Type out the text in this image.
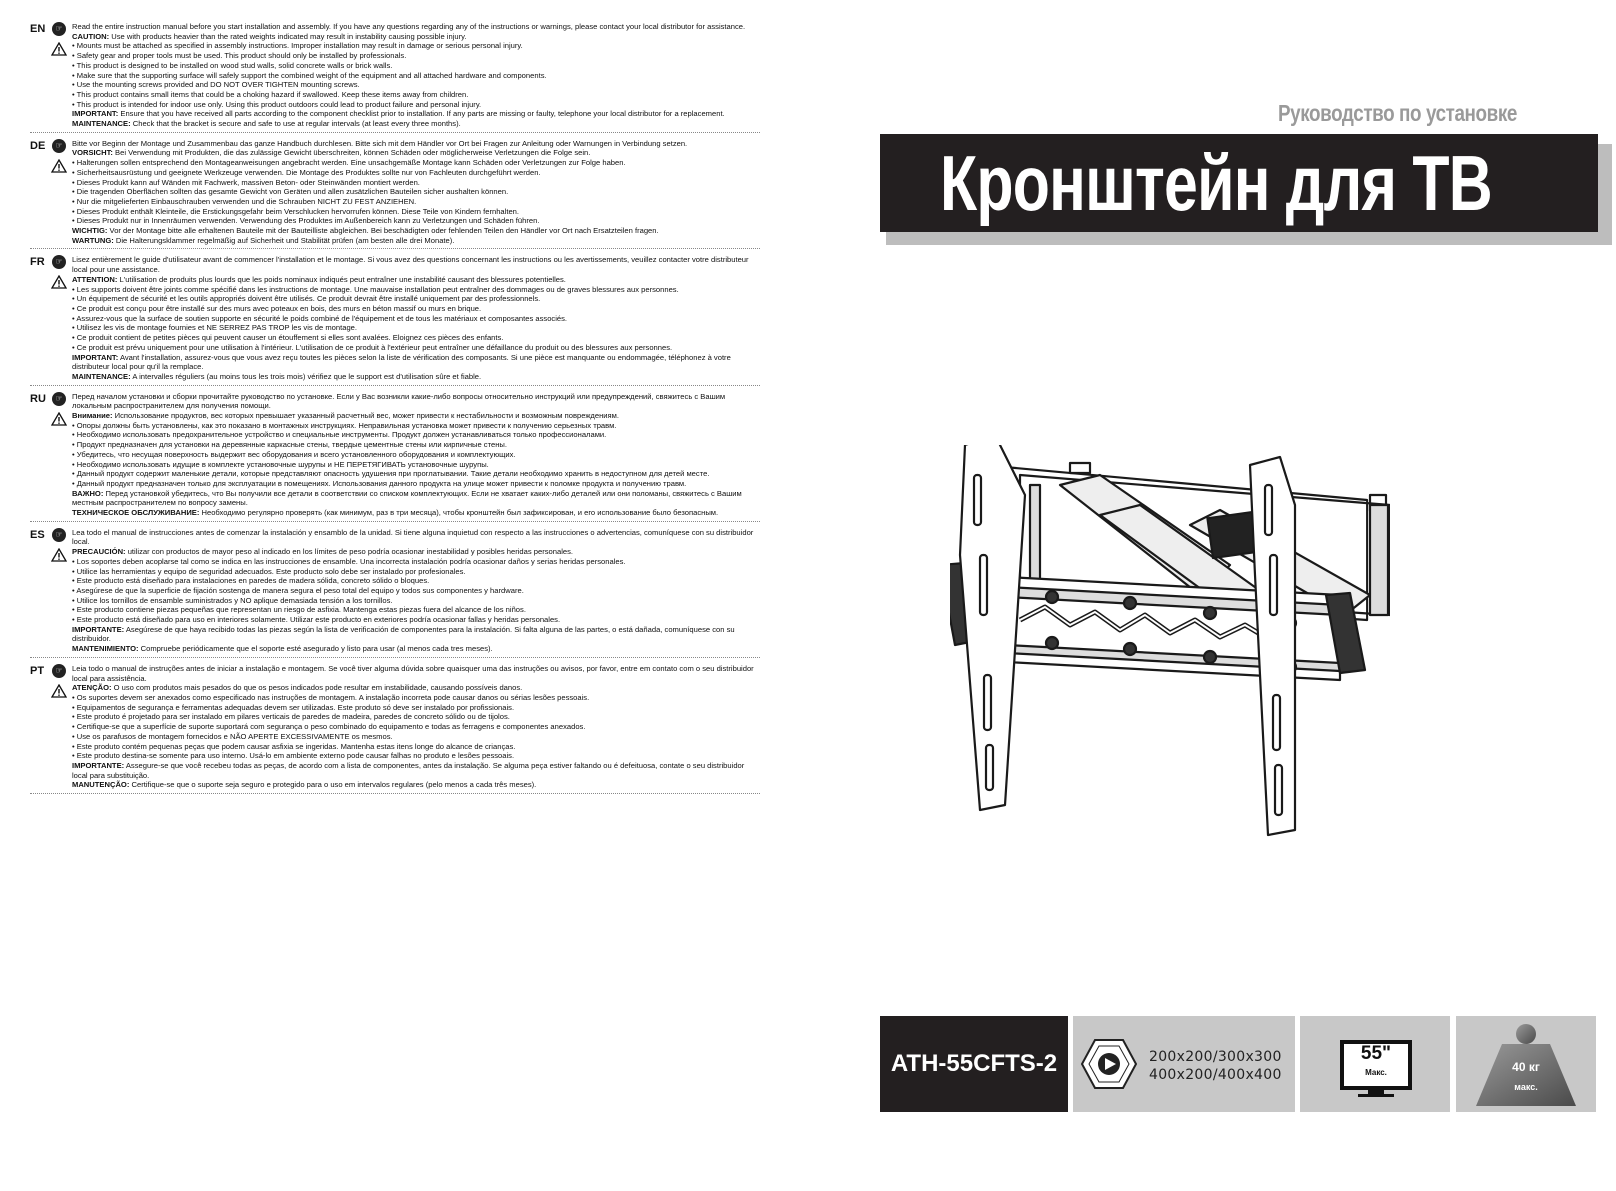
EN	☞	Read the entire instruction manual before you start installation and assembly. If you have any questions regarding any of the instructions or warnings, please contact your local distributor for assistance.

CAUTION: Use with products heavier than the rated weights indicated may result in instability causing possible injury.

• Mounts must be attached as specified in assembly instructions. Improper installation may result in damage or serious personal injury.

• Safety gear and proper tools must be used. This product should only be installed by professionals.

• This product is designed to be installed on wood stud walls, solid concrete walls or brick walls.

• Make sure that the supporting surface will safely support the combined weight of the equipment and all attached hardware and components.

• Use the mounting screws provided and DO NOT OVER TIGHTEN mounting screws.

• This product contains small items that could be a choking hazard if swallowed. Keep these items away from children.

• This product is intended for indoor use only. Using this product outdoors could lead to product failure and personal injury.

IMPORTANT: Ensure that you have received all parts according to the component checklist prior to installation. If any parts are missing or faulty, telephone your local distributor for a replacement.

MAINTENANCE: Check that the bracket is secure and safe to use at regular intervals (at least every three months).

DE	☞	Bitte vor Beginn der Montage und Zusammenbau das ganze Handbuch durchlesen. Bitte sich mit dem Händler vor Ort bei Fragen zur Anleitung oder Warnungen in Verbindung setzen.

VORSICHT: Bei Verwendung mit Produkten, die das zulässige Gewicht überschreiten, können Schäden oder möglicherweise Verletzungen die Folge sein.

• Halterungen sollen entsprechend den Montageanweisungen angebracht werden. Eine unsachgemäße Montage kann Schäden oder Verletzungen zur Folge haben.

• Sicherheitsausrüstung und geeignete Werkzeuge verwenden. Die Montage des Produktes sollte nur von Fachleuten durchgeführt werden.

• Dieses Produkt kann auf Wänden mit Fachwerk, massiven Beton- oder Steinwänden montiert werden.

• Die tragenden Oberflächen sollten das gesamte Gewicht von Geräten und allen zusätzlichen Bauteilen sicher aushalten können.

• Nur die mitgelieferten Einbauschrauben verwenden und die Schrauben NICHT ZU FEST ANZIEHEN.

• Dieses Produkt enthält Kleinteile, die Erstickungsgefahr beim Verschlucken hervorrufen können. Diese Teile von Kindern fernhalten.

• Dieses Produkt nur in Innenräumen verwenden. Verwendung des Produktes im Außenbereich kann zu Verletzungen und Schäden führen.

WICHTIG: Vor der Montage bitte alle erhaltenen Bauteile mit der Bauteilliste abgleichen. Bei beschädigten oder fehlenden Teilen den Händler vor Ort nach Ersatzteilen fragen.

WARTUNG: Die Halterungsklammer regelmäßig auf Sicherheit und Stabilität prüfen (am besten alle drei Monate).

FR	☞	Lisez entièrement le guide d'utilisateur avant de commencer l'installation et le montage. Si vous avez des questions concernant les instructions ou les avertissements, veuillez contacter votre distributeur local pour une assistance.

ATTENTION: L'utilisation de produits plus lourds que les poids nominaux indiqués peut entraîner une instabilité causant des blessures potentielles.

• Les supports doivent être joints comme spécifié dans les instructions de montage. Une mauvaise installation peut entraîner des dommages ou de graves blessures aux personnes.

• Un équipement de sécurité et les outils appropriés doivent être utilisés. Ce produit devrait être installé uniquement par des professionnels.

• Ce produit est conçu pour être installé sur des murs avec poteaux en bois, des murs en béton massif ou murs en brique.

• Assurez-vous que la surface de soutien supporte en sécurité le poids combiné de l'équipement et de tous les matériaux et composantes associés.

• Utilisez les vis de montage fournies et NE SERREZ PAS TROP les vis de montage.

• Ce produit contient de petites pièces qui peuvent causer un étouffement si elles sont avalées. Eloignez ces pièces des enfants.

• Ce produit est prévu uniquement pour une utilisation à l'intérieur. L'utilisation de ce produit à l'extérieur peut entraîner une défaillance du produit ou des blessures aux personnes.

IMPORTANT: Avant l'installation, assurez-vous que vous avez reçu toutes les pièces selon la liste de vérification des composants. Si une pièce est manquante ou endommagée, téléphonez à votre distributeur local pour qu'il la remplace.

MAINTENANCE: A intervalles réguliers (au moins tous les trois mois) vérifiez que le support est d'utilisation sûre et fiable.

RU	☞	Перед началом установки и сборки прочитайте руководство по установке. Если у Вас возникли какие-либо вопросы относительно инструкций или предупреждений, свяжитесь с Вашим локальным распространителем для получения помощи.

Внимание: Использование продуктов, вес которых превышает указанный расчетный вес, может привести к нестабильности и возможным повреждениям.

• Опоры должны быть установлены, как это показано в монтажных инструкциях. Неправильная установка может привести к получению серьезных травм.

• Необходимо использовать предохранительное устройство и специальные инструменты. Продукт должен устанавливаться только профессионалами.

• Продукт предназначен для установки на деревянные каркасные стены, твердые цементные стены или кирпичные стены.

• Убедитесь, что несущая поверхность выдержит вес оборудования и всего установленного оборудования и комплектующих.

• Необходимо использовать идущие в комплекте установочные шурупы и НЕ ПЕРЕТЯГИВАТЬ установочные шурупы.

• Данный продукт содержит маленькие детали, которые представляют опасность удушения при проглатывании. Такие детали необходимо хранить в недоступном для детей месте.

• Данный продукт предназначен только для эксплуатации в помещениях. Использования данного продукта на улице может привести к поломке продукта и получению травм.

ВАЖНО: Перед установкой убедитесь, что Вы получили все детали в соответствии со списком комплектующих. Если не хватает каких-либо деталей или они поломаны, свяжитесь с Вашим местным распространителем по вопросу замены.

ТЕХНИЧЕСКОЕ ОБСЛУЖИВАНИЕ: Необходимо регулярно проверять (как минимум, раз в три месяца), чтобы кронштейн был зафиксирован, и его использование было безопасным.

ES	☞	Lea todo el manual de instrucciones antes de comenzar la instalación y ensamblo de la unidad. Si tiene alguna inquietud con respecto a las instrucciones o advertencias, comuníquese con su distribuidor local.

PRECAUCIÓN: utilizar con productos de mayor peso al indicado en los límites de peso podría ocasionar inestabilidad y posibles heridas personales.

• Los soportes deben acoplarse tal como se indica en las instrucciones de ensamble. Una incorrecta instalación podría ocasionar daños y serias heridas personales.

• Utilice las herramientas y equipo de seguridad adecuados. Este producto solo debe ser instalado por profesionales.

• Este producto está diseñado para instalaciones en paredes de madera sólida, concreto sólido o bloques.

• Asegúrese de que la superficie de fijación sostenga de manera segura el peso total del equipo y todos sus componentes y hardware.

• Utilice los tornillos de ensamble suministrados y NO aplique demasiada tensión a los tornillos.

• Este producto contiene piezas pequeñas que representan un riesgo de asfixia. Mantenga estas piezas fuera del alcance de los niños.

• Este producto está diseñado para uso en interiores solamente. Utilizar este producto en exteriores podría ocasionar fallas y heridas personales.

IMPORTANTE: Asegúrese de que haya recibido todas las piezas según la lista de verificación de componentes para la instalación. Si falta alguna de las partes, o está dañada, comuníquese con su distribuidor.

MANTENIMIENTO: Compruebe periódicamente que el soporte esté asegurado y listo para usar (al menos cada tres meses).

PT	☞	Leia todo o manual de instruções antes de iniciar a instalação e montagem. Se você tiver alguma dúvida sobre quaisquer uma das instruções ou avisos, por favor, entre em contato com o seu distribuidor local para assistência.

ATENÇÃO: O uso com produtos mais pesados do que os pesos indicados pode resultar em instabilidade, causando possíveis danos.

• Os suportes devem ser anexados como especificado nas instruções de montagem. A instalação incorreta pode causar danos ou sérias lesões pessoais.

• Equipamentos de segurança e ferramentas adequadas devem ser utilizadas. Este produto só deve ser instalado por profissionais.

• Este produto é projetado para ser instalado em pilares verticais de paredes de madeira, paredes de concreto sólido ou de tijolos.

• Certifique-se que a superfície de suporte suportará com segurança o peso combinado do equipamento e todas as ferragens e componentes anexados.

• Use os parafusos de montagem fornecidos e NÃO APERTE EXCESSIVAMENTE os mesmos.

• Este produto contém pequenas peças que podem causar asfixia se ingeridas. Mantenha estas itens longe do alcance de crianças.

• Este produto destina-se somente para uso interno. Usá-lo em ambiente externo pode causar falhas no produto e lesões pessoais.

IMPORTANTE: Assegure-se que você recebeu todas as peças, de acordo com a lista de componentes, antes da instalação. Se alguma peça estiver faltando ou é defeituosa, contate o seu distribuidor local para substituição.

MANUTENÇÃO: Certifique-se que o suporte seja seguro e protegido para o uso em intervalos regulares (pelo menos a cada três meses).

Руководство по установке
Кронштейн для ТВ
ATH-55CFTS-2	200x200/300x300
400x200/400x400
55"
Макс.	40 кг
макс.
